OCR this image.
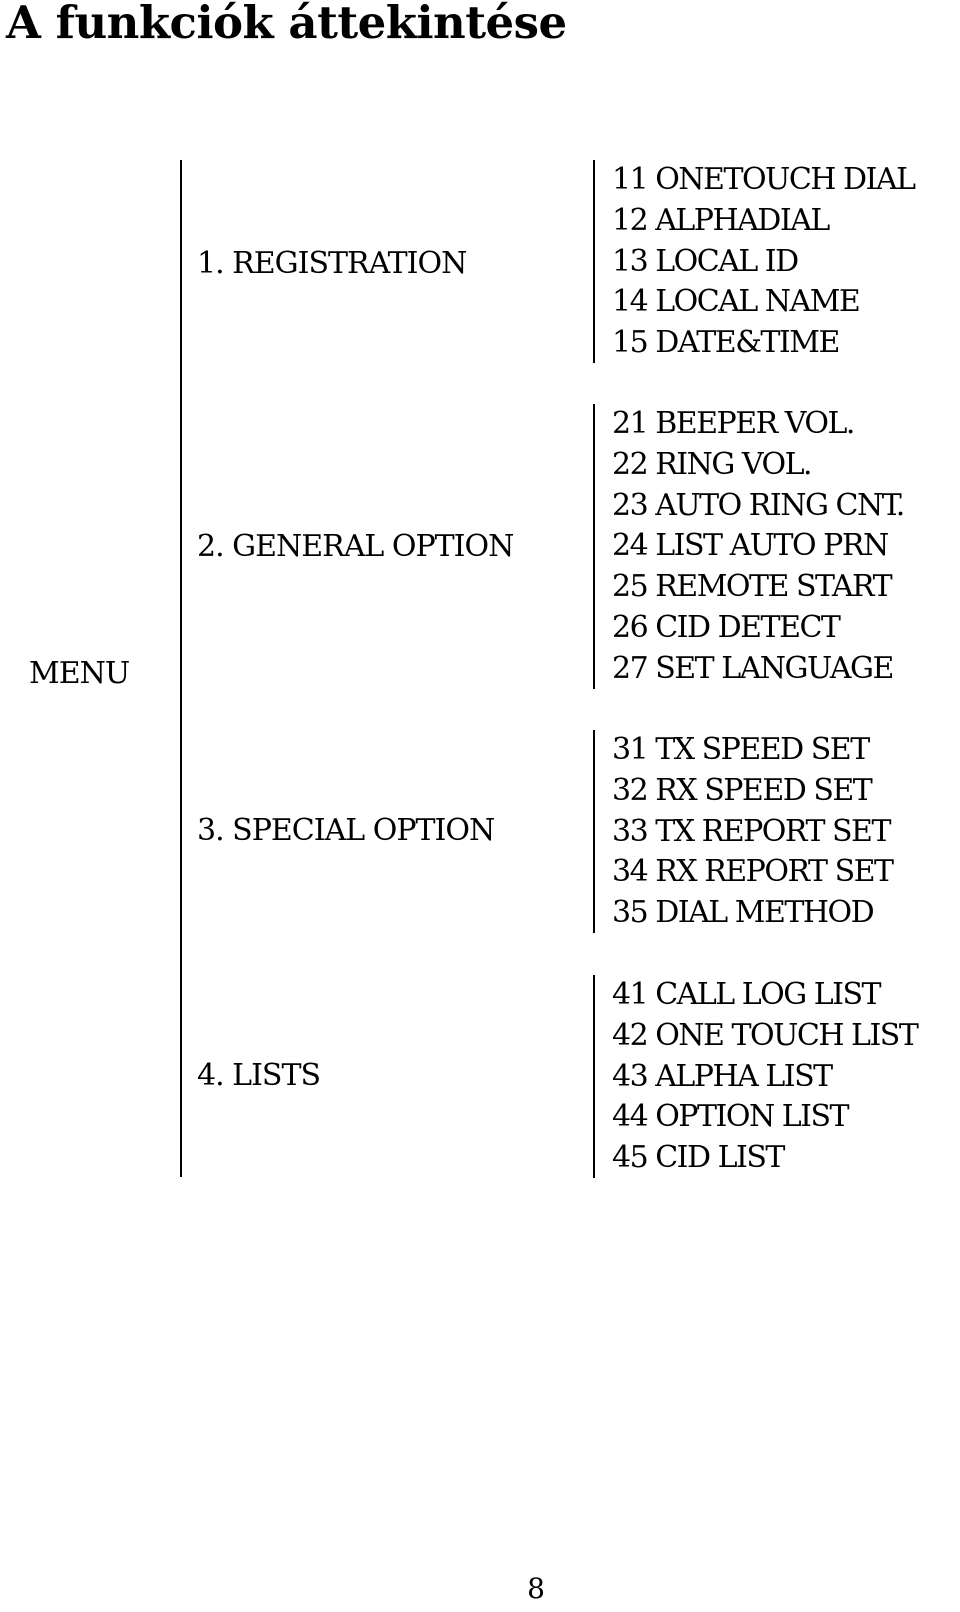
A funkciók áttekintése
MENU
1. REGISTRATION
11 ONETOUCH DIAL
12 ALPHADIAL
13 LOCAL ID
14 LOCAL NAME
15 DATE&TIME
2. GENERAL OPTION
21 BEEPER VOL.
22 RING VOL.
23 AUTO RING CNT.
24 LIST AUTO PRN
25 REMOTE START
26 CID DETECT
27 SET LANGUAGE
3. SPECIAL OPTION
31 TX SPEED SET
32 RX SPEED SET
33 TX REPORT SET
34 RX REPORT SET
35 DIAL METHOD
4. LISTS
41 CALL LOG LIST
42 ONE TOUCH LIST
43 ALPHA LIST
44 OPTION LIST
45 CID LIST
8
